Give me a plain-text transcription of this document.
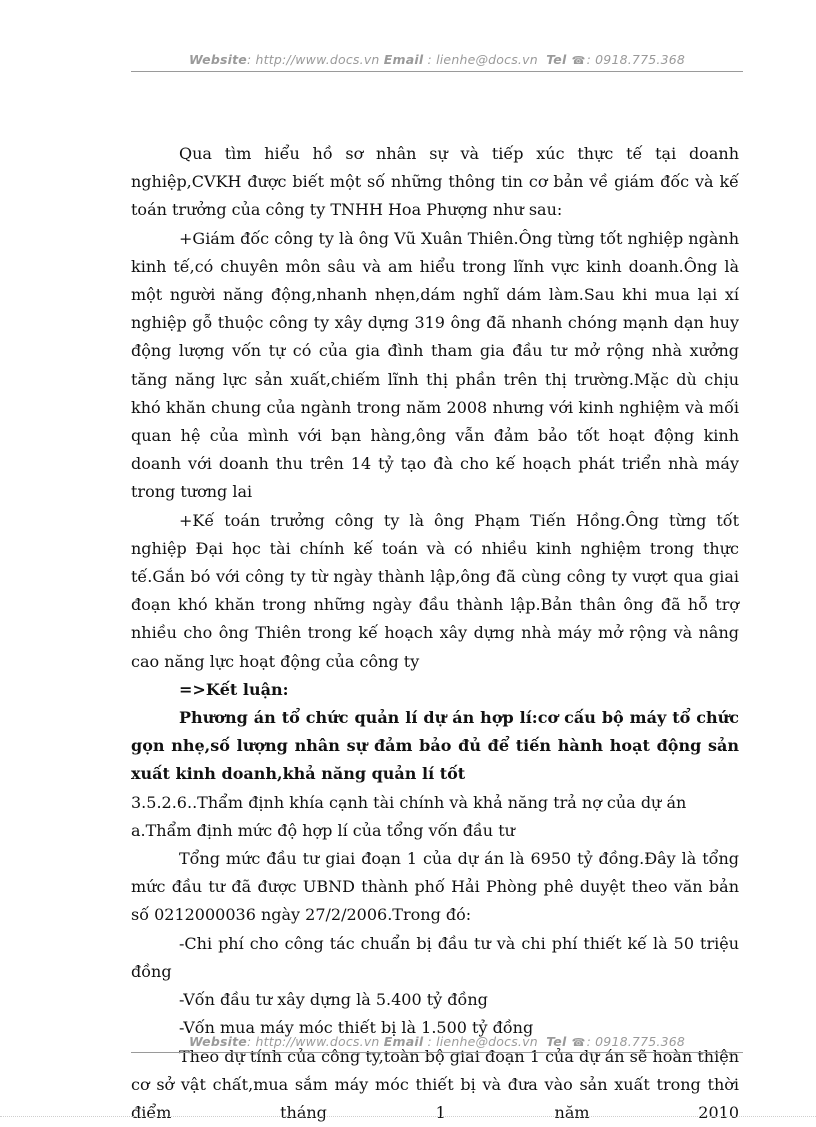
Website: http://www.docs.vn Email : lienhe@docs.vn Tel ☎: 0918.775.368

Qua tìm hiểu hồ sơ nhân sự và tiếp xúc thực tế tại doanh nghiệp,CVKH được biết một số những thông tin cơ bản về giám đốc và kế toán trưởng của công ty TNHH Hoa Phượng như sau:

+Giám đốc công ty là ông Vũ Xuân Thiên.Ông từng tốt nghiệp ngành kinh tế,có chuyên môn sâu và am hiểu trong lĩnh vực kinh doanh.Ông là một người năng động,nhanh nhẹn,dám nghĩ dám làm.Sau khi mua lại xí nghiệp gỗ thuộc công ty xây dựng 319 ông đã nhanh chóng mạnh dạn huy động lượng vốn tự có của gia đình tham gia đầu tư mở rộng nhà xưởng tăng năng lực sản xuất,chiếm lĩnh thị phần trên thị trường.Mặc dù chịu khó khăn chung của ngành trong năm 2008 nhưng với kinh nghiệm và mối quan hệ của mình với bạn hàng,ông vẫn đảm bảo tốt hoạt động kinh doanh với doanh thu trên 14 tỷ tạo đà cho kế hoạch phát triển nhà máy trong tương lai

+Kế toán trưởng công ty là ông Phạm Tiến Hồng.Ông từng tốt nghiệp Đại học tài chính kế toán và có nhiều kinh nghiệm trong thực tế.Gắn bó với công ty từ ngày thành lập,ông đã cùng công ty vượt qua giai đoạn khó khăn trong những ngày đầu thành lập.Bản thân ông đã hỗ trợ nhiều cho ông Thiên trong kế hoạch xây dựng nhà máy mở rộng và nâng cao năng lực hoạt động của công ty

=>Kết luận:

Phương án tổ chức quản lí dự án hợp lí:cơ cấu bộ máy tổ chức gọn nhẹ,số lượng nhân sự đảm bảo đủ để tiến hành hoạt động sản xuất kinh doanh,khả năng quản lí tốt

3.5.2.6..Thẩm định khía cạnh tài chính và khả năng trả nợ của dự án

a.Thẩm định mức độ hợp lí của tổng vốn đầu tư

Tổng mức đầu tư giai đoạn 1 của dự án là 6950 tỷ đồng.Đây là tổng mức đầu tư đã được UBND thành phố Hải Phòng phê duyệt theo văn bản số 0212000036 ngày 27/2/2006.Trong đó:

-Chi phí cho công tác chuẩn bị đầu tư và chi phí thiết kế là 50 triệu đồng

-Vốn đầu tư xây dựng là 5.400 tỷ đồng

-Vốn mua máy móc thiết bị là 1.500 tỷ đồng

Theo dự tính của công ty,toàn bộ giai đoạn 1 của dự án sẽ hoàn thiện cơ sở vật chất,mua sắm máy móc thiết bị và đưa vào sản xuất trong thời điểm tháng 1 năm 2010

Website: http://www.docs.vn Email : lienhe@docs.vn Tel ☎: 0918.775.368
